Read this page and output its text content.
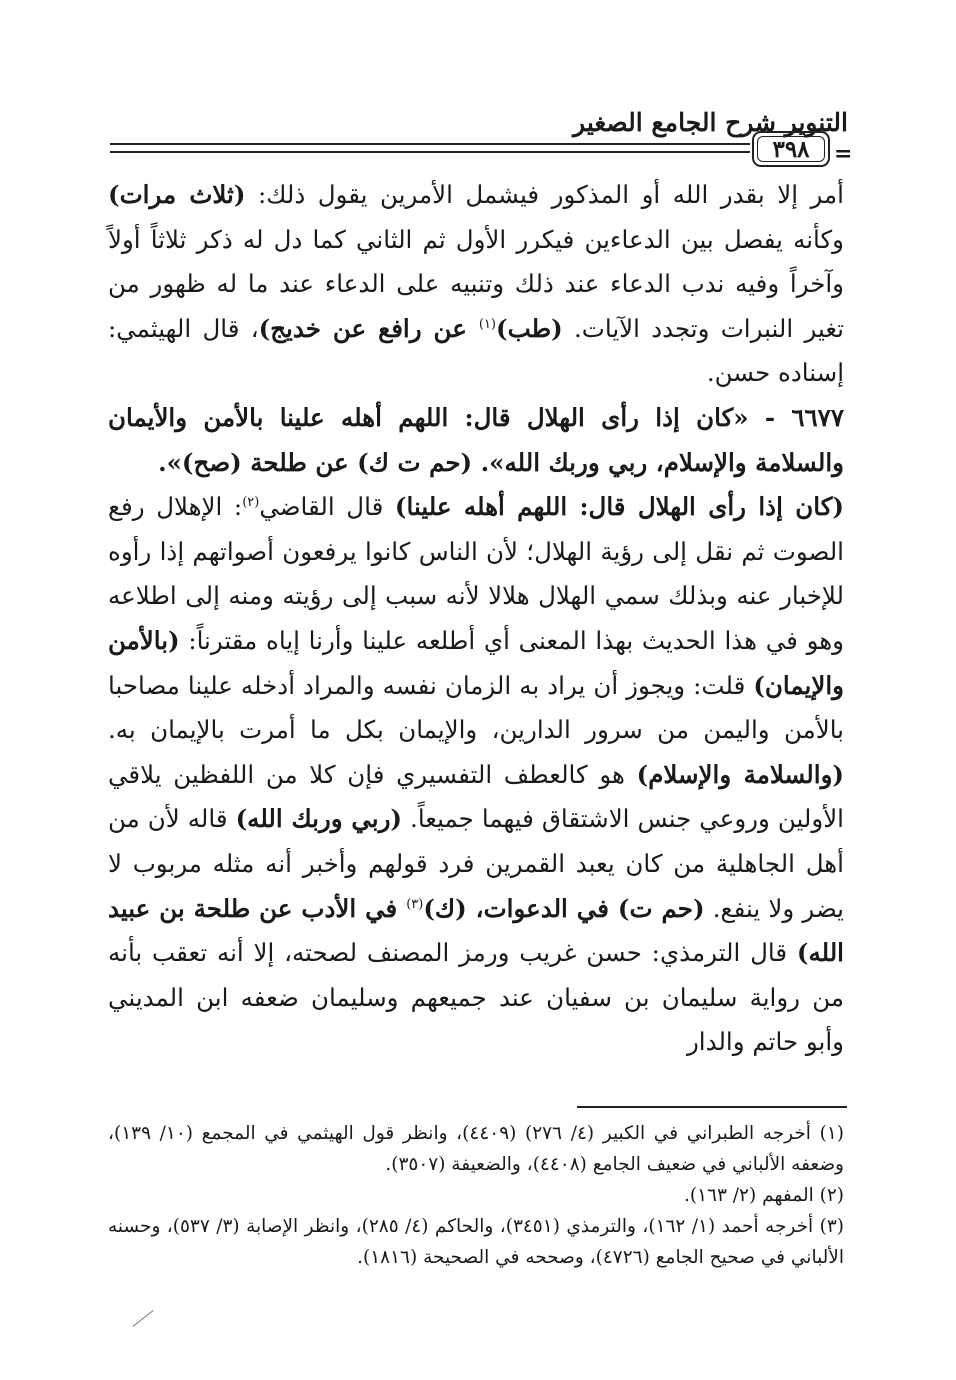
التنوير شرح الجامع الصغير
٣٩٨ =

أمر إلا بقدر الله أو المذكور فيشمل الأمرين يقول ذلك: (ثلاث مرات) وكأنه يفصل بين الدعاءين فيكرر الأول ثم الثاني كما دل له ذكر ثلاثاً أولاً وآخراً وفيه ندب الدعاء عند ذلك وتنبيه على الدعاء عند ما له ظهور من تغير النبرات وتجدد الآيات. (طب)$^{(١)}$ عن رافع عن خديج)، قال الهيثمي: إسناده حسن.

٦٦٧٧ - «كان إذا رأى الهلال قال: اللهم أهله علينا بالأمن والأيمان والسلامة والإسلام، ربي وربك الله». (حم ت ك) عن طلحة (صح)».

(كان إذا رأى الهلال قال: اللهم أهله علينا) قال القاضي$^{(٢)}$: الإهلال رفع الصوت ثم نقل إلى رؤية الهلال؛ لأن الناس كانوا يرفعون أصواتهم إذا رأوه للإخبار عنه وبذلك سمي الهلال هلالا لأنه سبب إلى رؤيته ومنه إلى اطلاعه وهو في هذا الحديث بهذا المعنى أي أطلعه علينا وأرنا إياه مقترناً: (بالأمن والإيمان) قلت: ويجوز أن يراد به الزمان نفسه والمراد أدخله علينا مصاحبا بالأمن واليمن من سرور الدارين، والإيمان بكل ما أمرت بالإيمان به. (والسلامة والإسلام) هو كالعطف التفسيري فإن كلا من اللفظين يلاقي الأولين وروعي جنس الاشتقاق فيهما جميعاً. (ربي وربك الله) قاله لأن من أهل الجاهلية من كان يعبد القمرين فرد قولهم وأخبر أنه مثله مربوب لا يضر ولا ينفع. (حم ت) في الدعوات، (ك)$^{(٣)}$ في الأدب عن طلحة بن عبيد الله) قال الترمذي: حسن غريب ورمز المصنف لصحته، إلا أنه تعقب بأنه من رواية سليمان بن سفيان عند جميعهم وسليمان ضعفه ابن المديني وأبو حاتم والدار

(١) أخرجه الطبراني في الكبير (٤/ ٢٧٦) (٤٤٠٩)، وانظر قول الهيثمي في المجمع (١٠/ ١٣٩)، وضعفه الألباني في ضعيف الجامع (٤٤٠٨)، والضعيفة (٣٥٠٧).

(٢) المفهم (٢/ ١٦٣).

(٣) أخرجه أحمد (١/ ١٦٢)، والترمذي (٣٤٥١)، والحاكم (٤/ ٢٨٥)، وانظر الإصابة (٣/ ٥٣٧)، وحسنه الألباني في صحيح الجامع (٤٧٢٦)، وصححه في الصحيحة (١٨١٦).
